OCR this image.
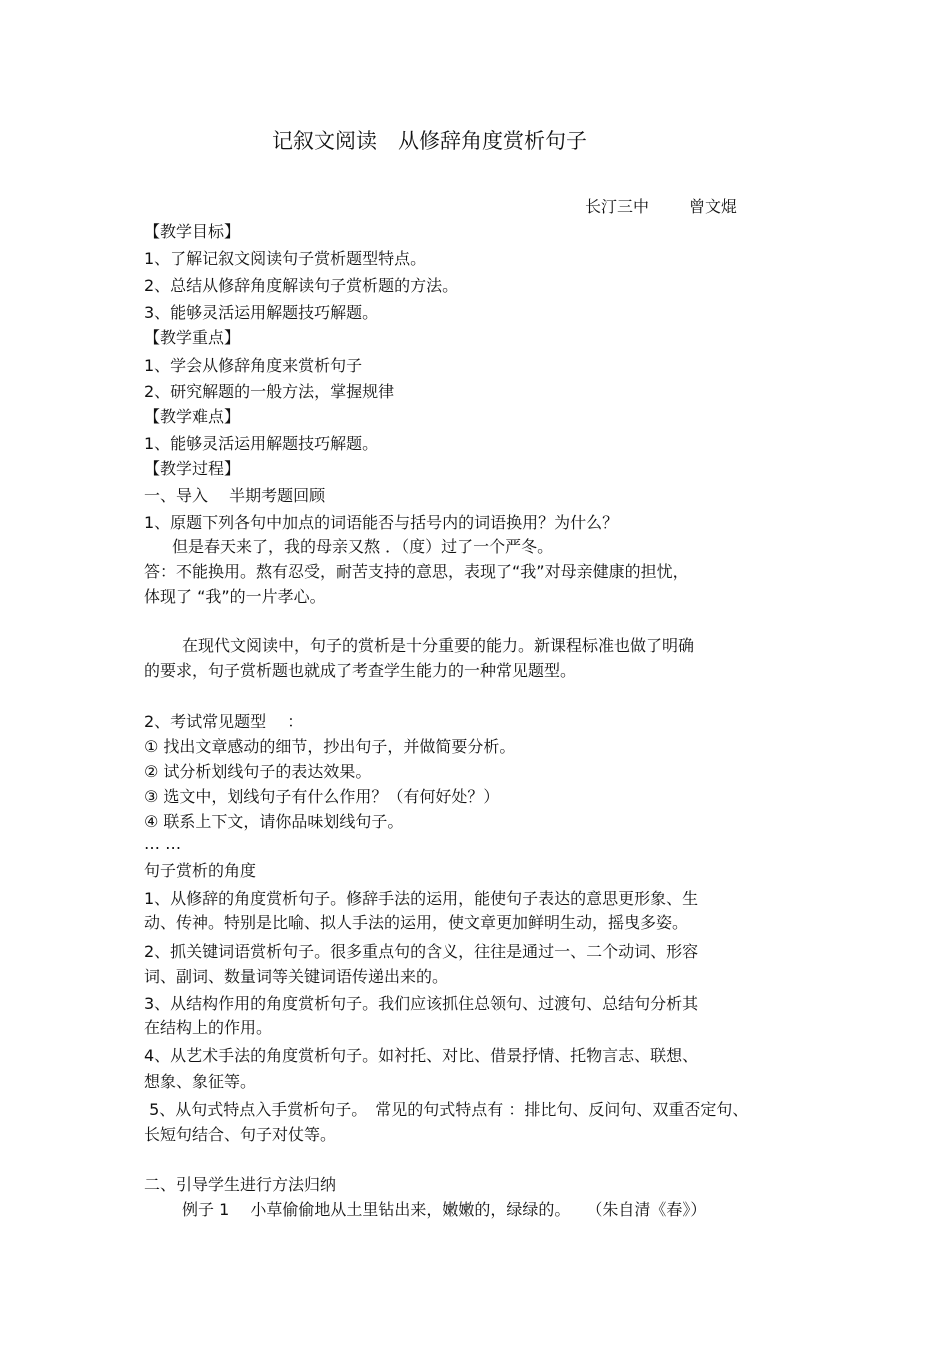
记叙文阅读　从修辞角度赏析句子
长汀三中 曾文焜
【教学目标】
1、了解记叙文阅读句子赏析题型特点。
2、总结从修辞角度解读句子赏析题的方法。
3、能够灵活运用解题技巧解题。
【教学重点】
1、学会从修辞角度来赏析句子
2、研究解题的一般方法，掌握规律
【教学难点】
1、能够灵活运用解题技巧解题。
【教学过程】
一、导入　 半期考题回顾
1、原题下列各句中加点的词语能否与括号内的词语换用？为什么？
但是春天来了，我的母亲又熬 ．（度）过了一个严冬。
答：不能换用。熬有忍受，耐苦支持的意思，表现了“我”对母亲健康的担忧，
体现了 “我”的一片孝心。
在现代文阅读中，句子的赏析是十分重要的能力。新课程标准也做了明确
的要求，句子赏析题也就成了考查学生能力的一种常见题型。
2、考试常见题型　 ：
① 找出文章感动的细节，抄出句子，并做简要分析。
② 试分析划线句子的表达效果。
③ 选文中，划线句子有什么作用？（有何好处？）
④ 联系上下文，请你品味划线句子。
… …
句子赏析的角度
1、从修辞的角度赏析句子。修辞手法的运用，能使句子表达的意思更形象、生
动、传神。特别是比喻、拟人手法的运用，使文章更加鲜明生动，摇曳多姿。
2、抓关键词语赏析句子。很多重点句的含义，往往是通过一、二个动词、形容
词、副词、数量词等关键词语传递出来的。
3、从结构作用的角度赏析句子。我们应该抓住总领句、过渡句、总结句分析其
在结构上的作用。
4、从艺术手法的角度赏析句子。如衬托、对比、借景抒情、托物言志、联想、
想象、象征等。
5、从句式特点入手赏析句子。　常见的句式特点有 ：排比句、反问句、双重否定句、
长短句结合、句子对仗等。
二、引导学生进行方法归纳
例子 1　 小草偷偷地从土里钻出来，嫩嫩的，绿绿的。　　（朱自清《春》）
